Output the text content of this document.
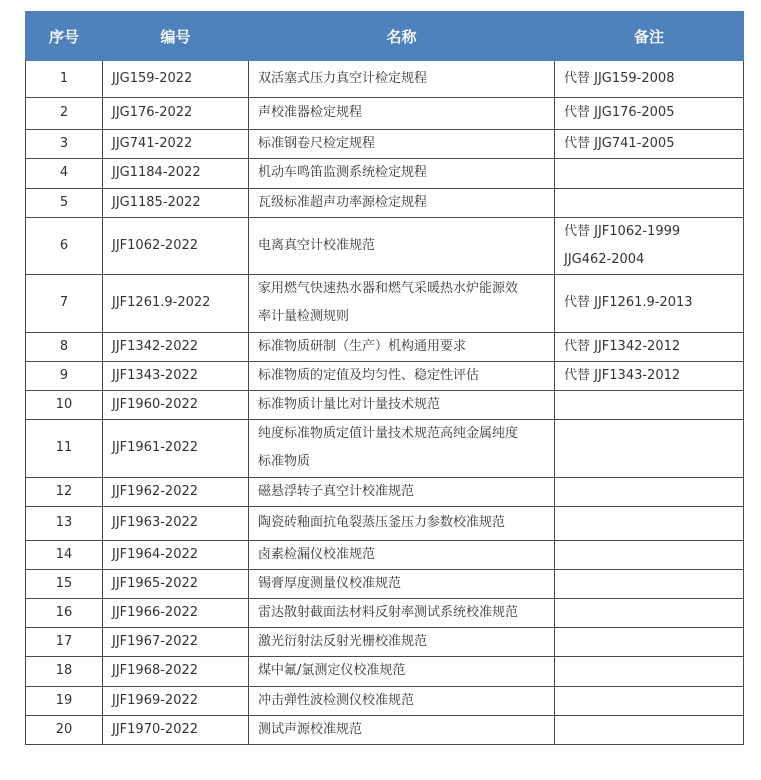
序号	编号	名称	备注
1	JJG159-2022	双活塞式压力真空计检定规程	代替 JJG159-2008

2	JJG176-2022	声校准器检定规程	代替 JJG176-2005

3	JJG741-2022	标准钢卷尺检定规程	代替 JJG741-2005

4	JJG1184-2022	机动车鸣笛监测系统检定规程	

5	JJG1185-2022	瓦级标准超声功率源检定规程	

6	JJF1062-2022	电离真空计校准规范	代替 JJF1062-1999
JJG462-2004

7	JJF1261.9-2022	家用燃气快速热水器和燃气采暖热水炉能源效
率计量检测规则	代替 JJF1261.9-2013

8	JJF1342-2022	标准物质研制（生产）机构通用要求	代替 JJF1342-2012

9	JJF1343-2022	标准物质的定值及均匀性、稳定性评估	代替 JJF1343-2012

10	JJF1960-2022	标准物质计量比对计量技术规范	

11	JJF1961-2022	纯度标准物质定值计量技术规范高纯金属纯度
标准物质	

12	JJF1962-2022	磁悬浮转子真空计校准规范	

13	JJF1963-2022	陶瓷砖釉面抗龟裂蒸压釜压力参数校准规范	

14	JJF1964-2022	卤素检漏仪校准规范	

15	JJF1965-2022	锡膏厚度测量仪校准规范	

16	JJF1966-2022	雷达散射截面法材料反射率测试系统校准规范	

17	JJF1967-2022	激光衍射法反射光栅校准规范	

18	JJF1968-2022	煤中氟/氯测定仪校准规范	

19	JJF1969-2022	冲击弹性波检测仪校准规范	

20	JJF1970-2022	测试声源校准规范	
